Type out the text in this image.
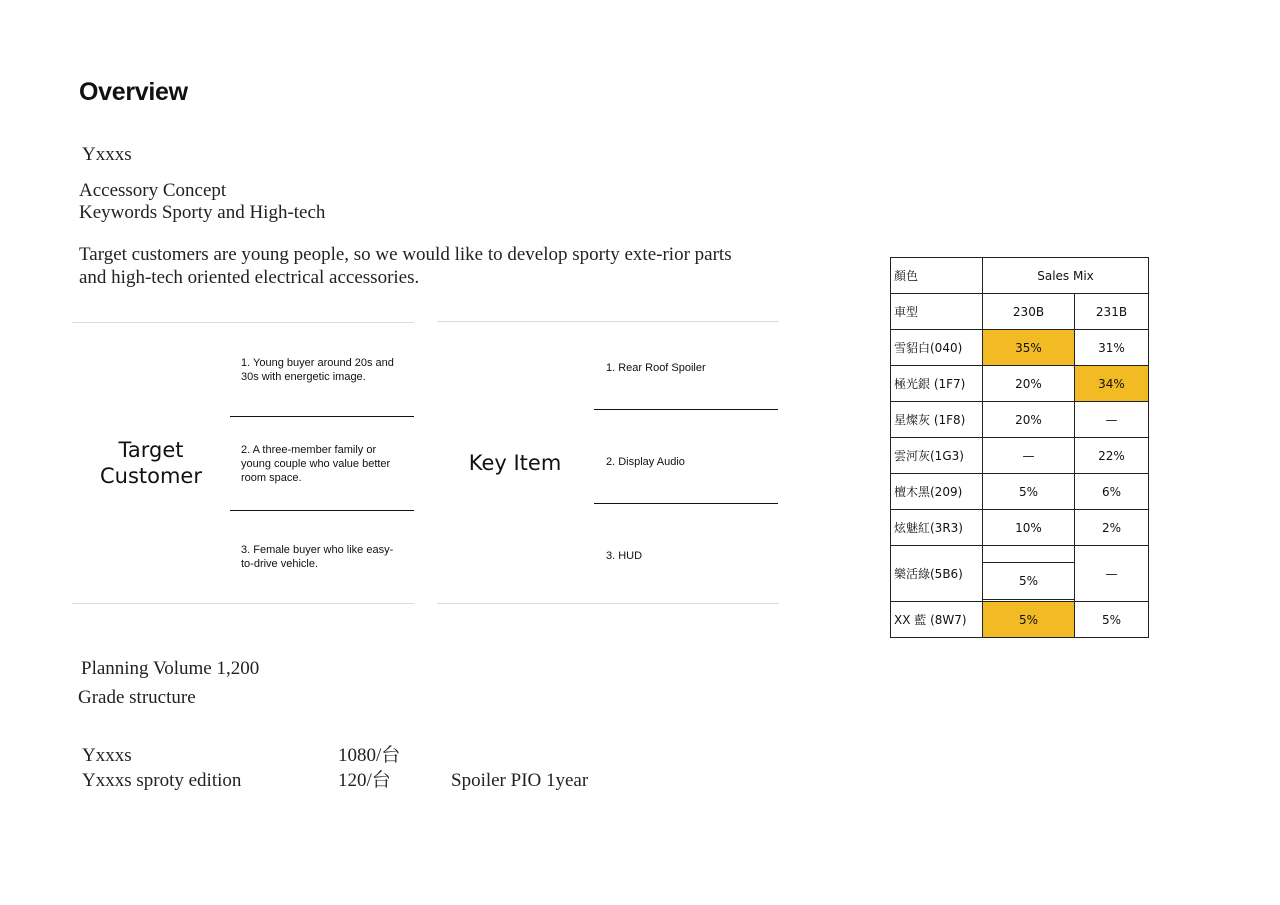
Overview
Yxxxs
Accessory Concept
Keywords Sporty and High-tech
Target customers are young people, so we would like to develop sporty exte-rior parts and high-tech oriented electrical accessories.
Target Customer
1. Young buyer around 20s and 30s with energetic image.
2. A three-member family or young couple who value better room space.
3. Female buyer who like easy-to-drive vehicle.
Key Item
1. Rear Roof Spoiler
2. Display Audio
3. HUD
Planning Volume 1,200
Grade structure
Yxxxs	1080/台
Yxxxs sproty edition	120/台	Spoiler PIO 1year
顏色	Sales Mix	
車型	230B	231B
雪貂白(040)	35%	31%
極光銀 (1F7)	20%	34%
星燦灰 (1F8)	20%	—
雲河灰(1G3)	—	22%
檀木黑(209)	5%	6%
炫魅紅(3R3)	10%	2%
樂活綠(5B6)	5%	—
XX 藍 (8W7)	5%	5%
